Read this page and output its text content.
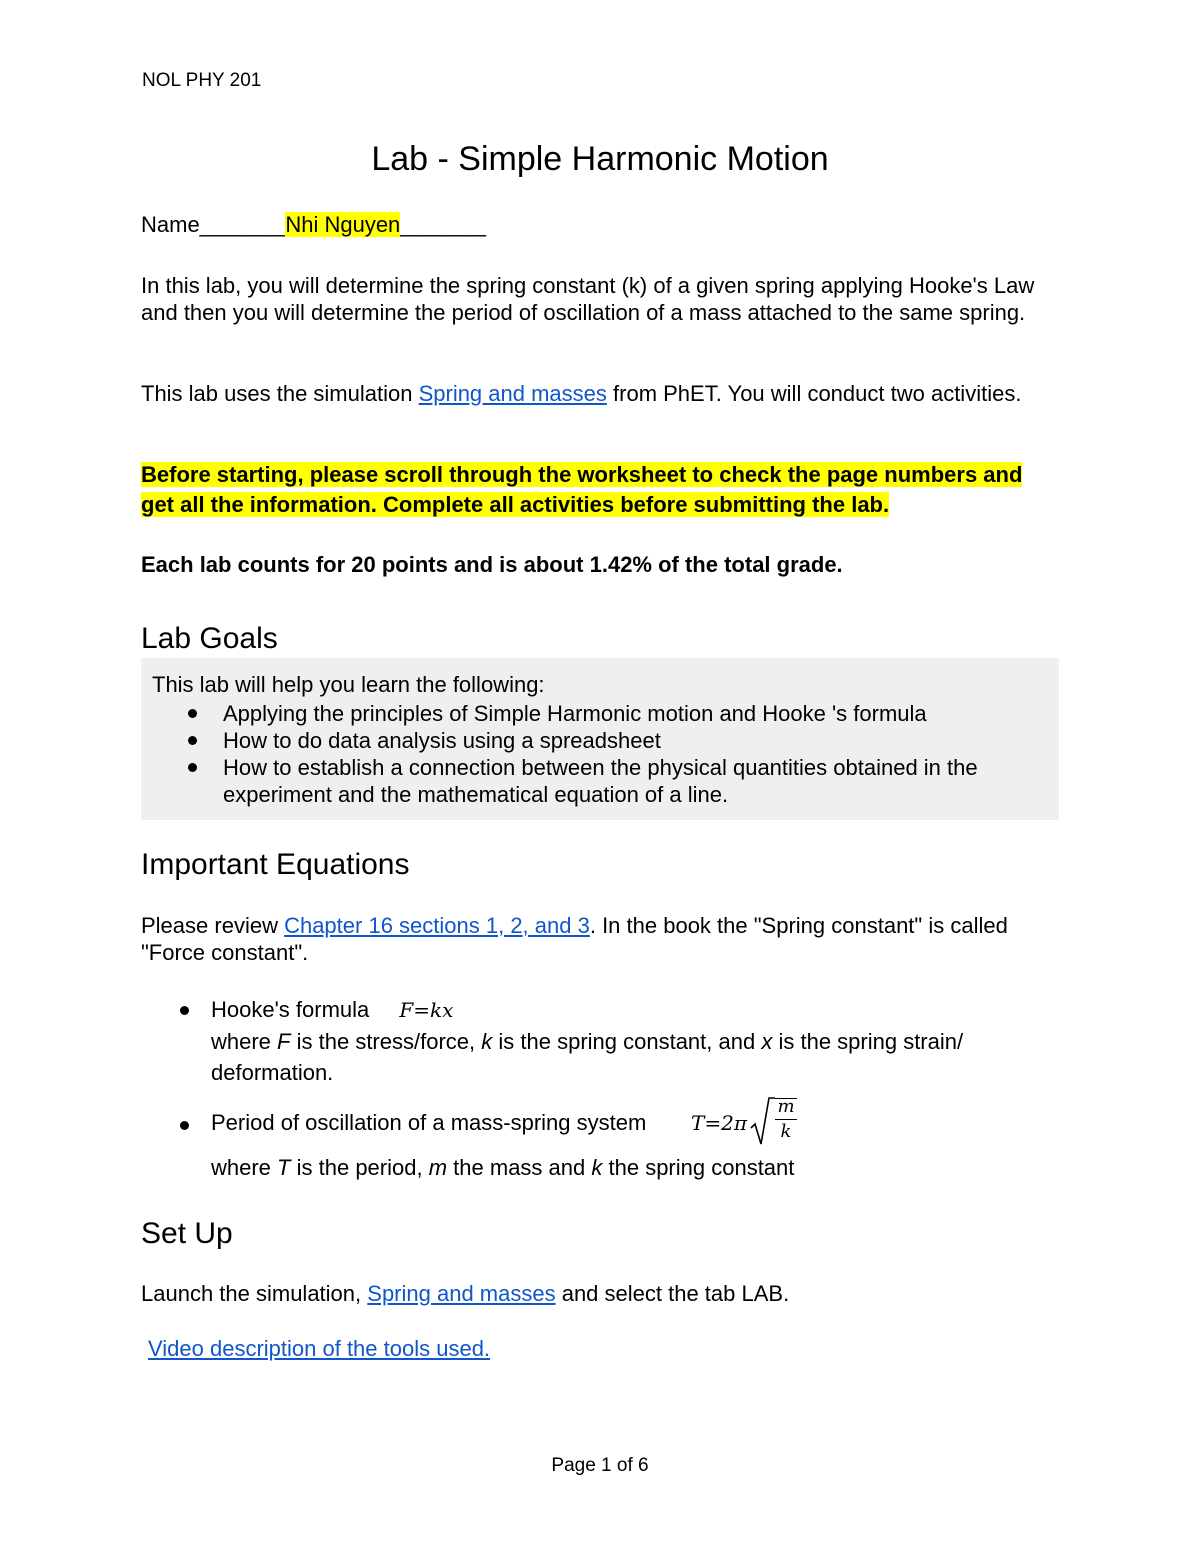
NOL PHY 201
Lab - Simple Harmonic Motion
Name_______Nhi Nguyen_______
In this lab, you will determine the spring constant (k) of a given spring applying Hooke's Law and then you will determine the period of oscillation of a mass attached to the same spring.
This lab uses the simulation Spring and masses from PhET. You will conduct two activities.
Before starting, please scroll through the worksheet to check the page numbers and get all the information. Complete all activities before submitting the lab.
Each lab counts for 20 points and is about 1.42% of the total grade.
Lab Goals
This lab will help you learn the following:
Applying the principles of Simple Harmonic motion and Hooke 's formula
How to do data analysis using a spreadsheet
How to establish a connection between the physical quantities obtained in the experiment and the mathematical equation of a line.
Important Equations
Please review Chapter 16 sections 1, 2, and 3. In the book the "Spring constant" is called "Force constant".
Hooke's formula F=kx
where F is the stress/force, k is the spring constant, and x is the spring strain/ deformation.
Period of oscillation of a mass-spring system T=2π
m
k
where T is the period, m the mass and k the spring constant
Set Up
Launch the simulation, Spring and masses and select the tab LAB.
Video description of the tools used.
Page 1 of 6
